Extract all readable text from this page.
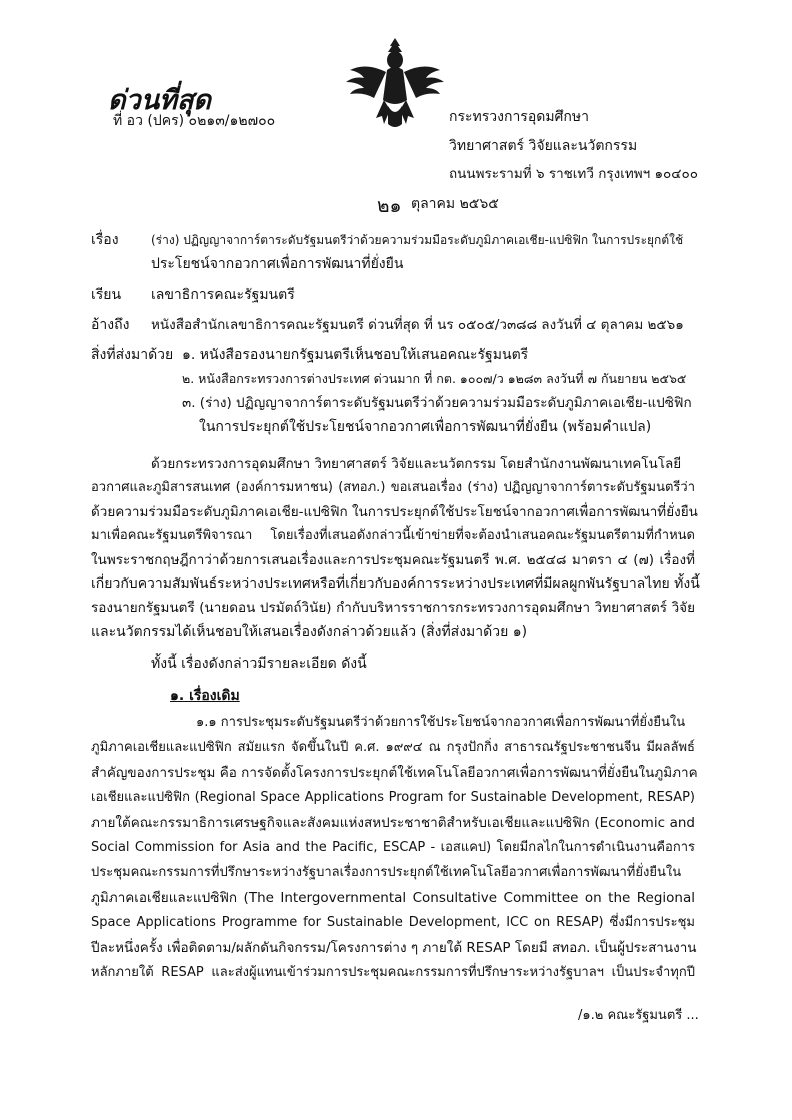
ด่วนที่สุด
ที่ อว (ปคร) ๐๒๑๓/๑๒๗๐๐	กระทรวงการอุดมศึกษา
วิทยาศาสตร์ วิจัยและนวัตกรรม
ถนนพระรามที่ ๖ ราชเทวี กรุงเทพฯ ๑๐๔๐๐
๒๑ ตุลาคม ๒๕๖๕
เรื่อง	(ร่าง) ปฏิญญาจาการ์ตาระดับรัฐมนตรีว่าด้วยความร่วมมือระดับภูมิภาคเอเชีย-แปซิฟิก ในการประยุกต์ใช้
ประโยชน์จากอวกาศเพื่อการพัฒนาที่ยั่งยืน
เรียน เลขาธิการคณะรัฐมนตรี
อ้างถึง หนังสือสำนักเลขาธิการคณะรัฐมนตรี ด่วนที่สุด ที่ นร ๐๕๐๕/ว๓๘๘ ลงวันที่ ๔ ตุลาคม ๒๕๖๑
สิ่งที่ส่งมาด้วย ๑. หนังสือรองนายกรัฐมนตรีเห็นชอบให้เสนอคณะรัฐมนตรี
๒. หนังสือกระทรวงการต่างประเทศ ด่วนมาก ที่ กต. ๑๐๐๗/ว ๑๒๘๓ ลงวันที่ ๗ กันยายน ๒๕๖๕
๓. (ร่าง) ปฏิญญาจาการ์ตาระดับรัฐมนตรีว่าด้วยความร่วมมือระดับภูมิภาคเอเชีย-แปซิฟิก
ในการประยุกต์ใช้ประโยชน์จากอวกาศเพื่อการพัฒนาที่ยั่งยืน (พร้อมคำแปล)
ด้วยกระทรวงการอุดมศึกษา วิทยาศาสตร์ วิจัยและนวัตกรรม โดยสำนักงานพัฒนาเทคโนโลยี
อวกาศและภูมิสารสนเทศ (องค์การมหาชน) (สทอภ.) ขอเสนอเรื่อง (ร่าง) ปฏิญญาจาการ์ตาระดับรัฐมนตรีว่า
ด้วยความร่วมมือระดับภูมิภาคเอเชีย-แปซิฟิก ในการประยุกต์ใช้ประโยชน์จากอวกาศเพื่อการพัฒนาที่ยั่งยืน
มาเพื่อคณะรัฐมนตรีพิจารณา โดยเรื่องที่เสนอดังกล่าวนี้เข้าข่ายที่จะต้องนำเสนอคณะรัฐมนตรีตามที่กำหนด
ในพระราชกฤษฎีกาว่าด้วยการเสนอเรื่องและการประชุมคณะรัฐมนตรี พ.ศ. ๒๕๔๘ มาตรา ๔ (๗) เรื่องที่
เกี่ยวกับความสัมพันธ์ระหว่างประเทศหรือที่เกี่ยวกับองค์การระหว่างประเทศที่มีผลผูกพันรัฐบาลไทย ทั้งนี้
รองนายกรัฐมนตรี (นายดอน ปรมัตถ์วินัย) กำกับบริหารราชการกระทรวงการอุดมศึกษา วิทยาศาสตร์ วิจัย
และนวัตกรรมได้เห็นชอบให้เสนอเรื่องดังกล่าวด้วยแล้ว (สิ่งที่ส่งมาด้วย ๑)
ทั้งนี้ เรื่องดังกล่าวมีรายละเอียด ดังนี้
๑. เรื่องเดิม
๑.๑ การประชุมระดับรัฐมนตรีว่าด้วยการใช้ประโยชน์จากอวกาศเพื่อการพัฒนาที่ยั่งยืนใน
ภูมิภาคเอเชียและแปซิฟิก สมัยแรก จัดขึ้นในปี ค.ศ. ๑๙๙๔ ณ กรุงปักกิ่ง สาธารณรัฐประชาชนจีน มีผลลัพธ์
สำคัญของการประชุม คือ การจัดตั้งโครงการประยุกต์ใช้เทคโนโลยีอวกาศเพื่อการพัฒนาที่ยั่งยืนในภูมิภาค
เอเชียและแปซิฟิก (Regional Space Applications Program for Sustainable Development, RESAP)
ภายใต้คณะกรรมาธิการเศรษฐกิจและสังคมแห่งสหประชาชาติสำหรับเอเชียและแปซิฟิก (Economic and
Social Commission for Asia and the Pacific, ESCAP - เอสแคป) โดยมีกลไกในการดำเนินงานคือการ
ประชุมคณะกรรมการที่ปรึกษาระหว่างรัฐบาลเรื่องการประยุกต์ใช้เทคโนโลยีอวกาศเพื่อการพัฒนาที่ยั่งยืนใน
ภูมิภาคเอเชียและแปซิฟิก (The Intergovernmental Consultative Committee on the Regional
Space Applications Programme for Sustainable Development, ICC on RESAP) ซึ่งมีการประชุม
ปีละหนึ่งครั้ง เพื่อติดตาม/ผลักดันกิจกรรม/โครงการต่าง ๆ ภายใต้ RESAP โดยมี สทอภ. เป็นผู้ประสานงาน
หลักภายใต้ RESAP และส่งผู้แทนเข้าร่วมการประชุมคณะกรรมการที่ปรึกษาระหว่างรัฐบาลฯ เป็นประจำทุกปี
/๑.๒ คณะรัฐมนตรี ...
